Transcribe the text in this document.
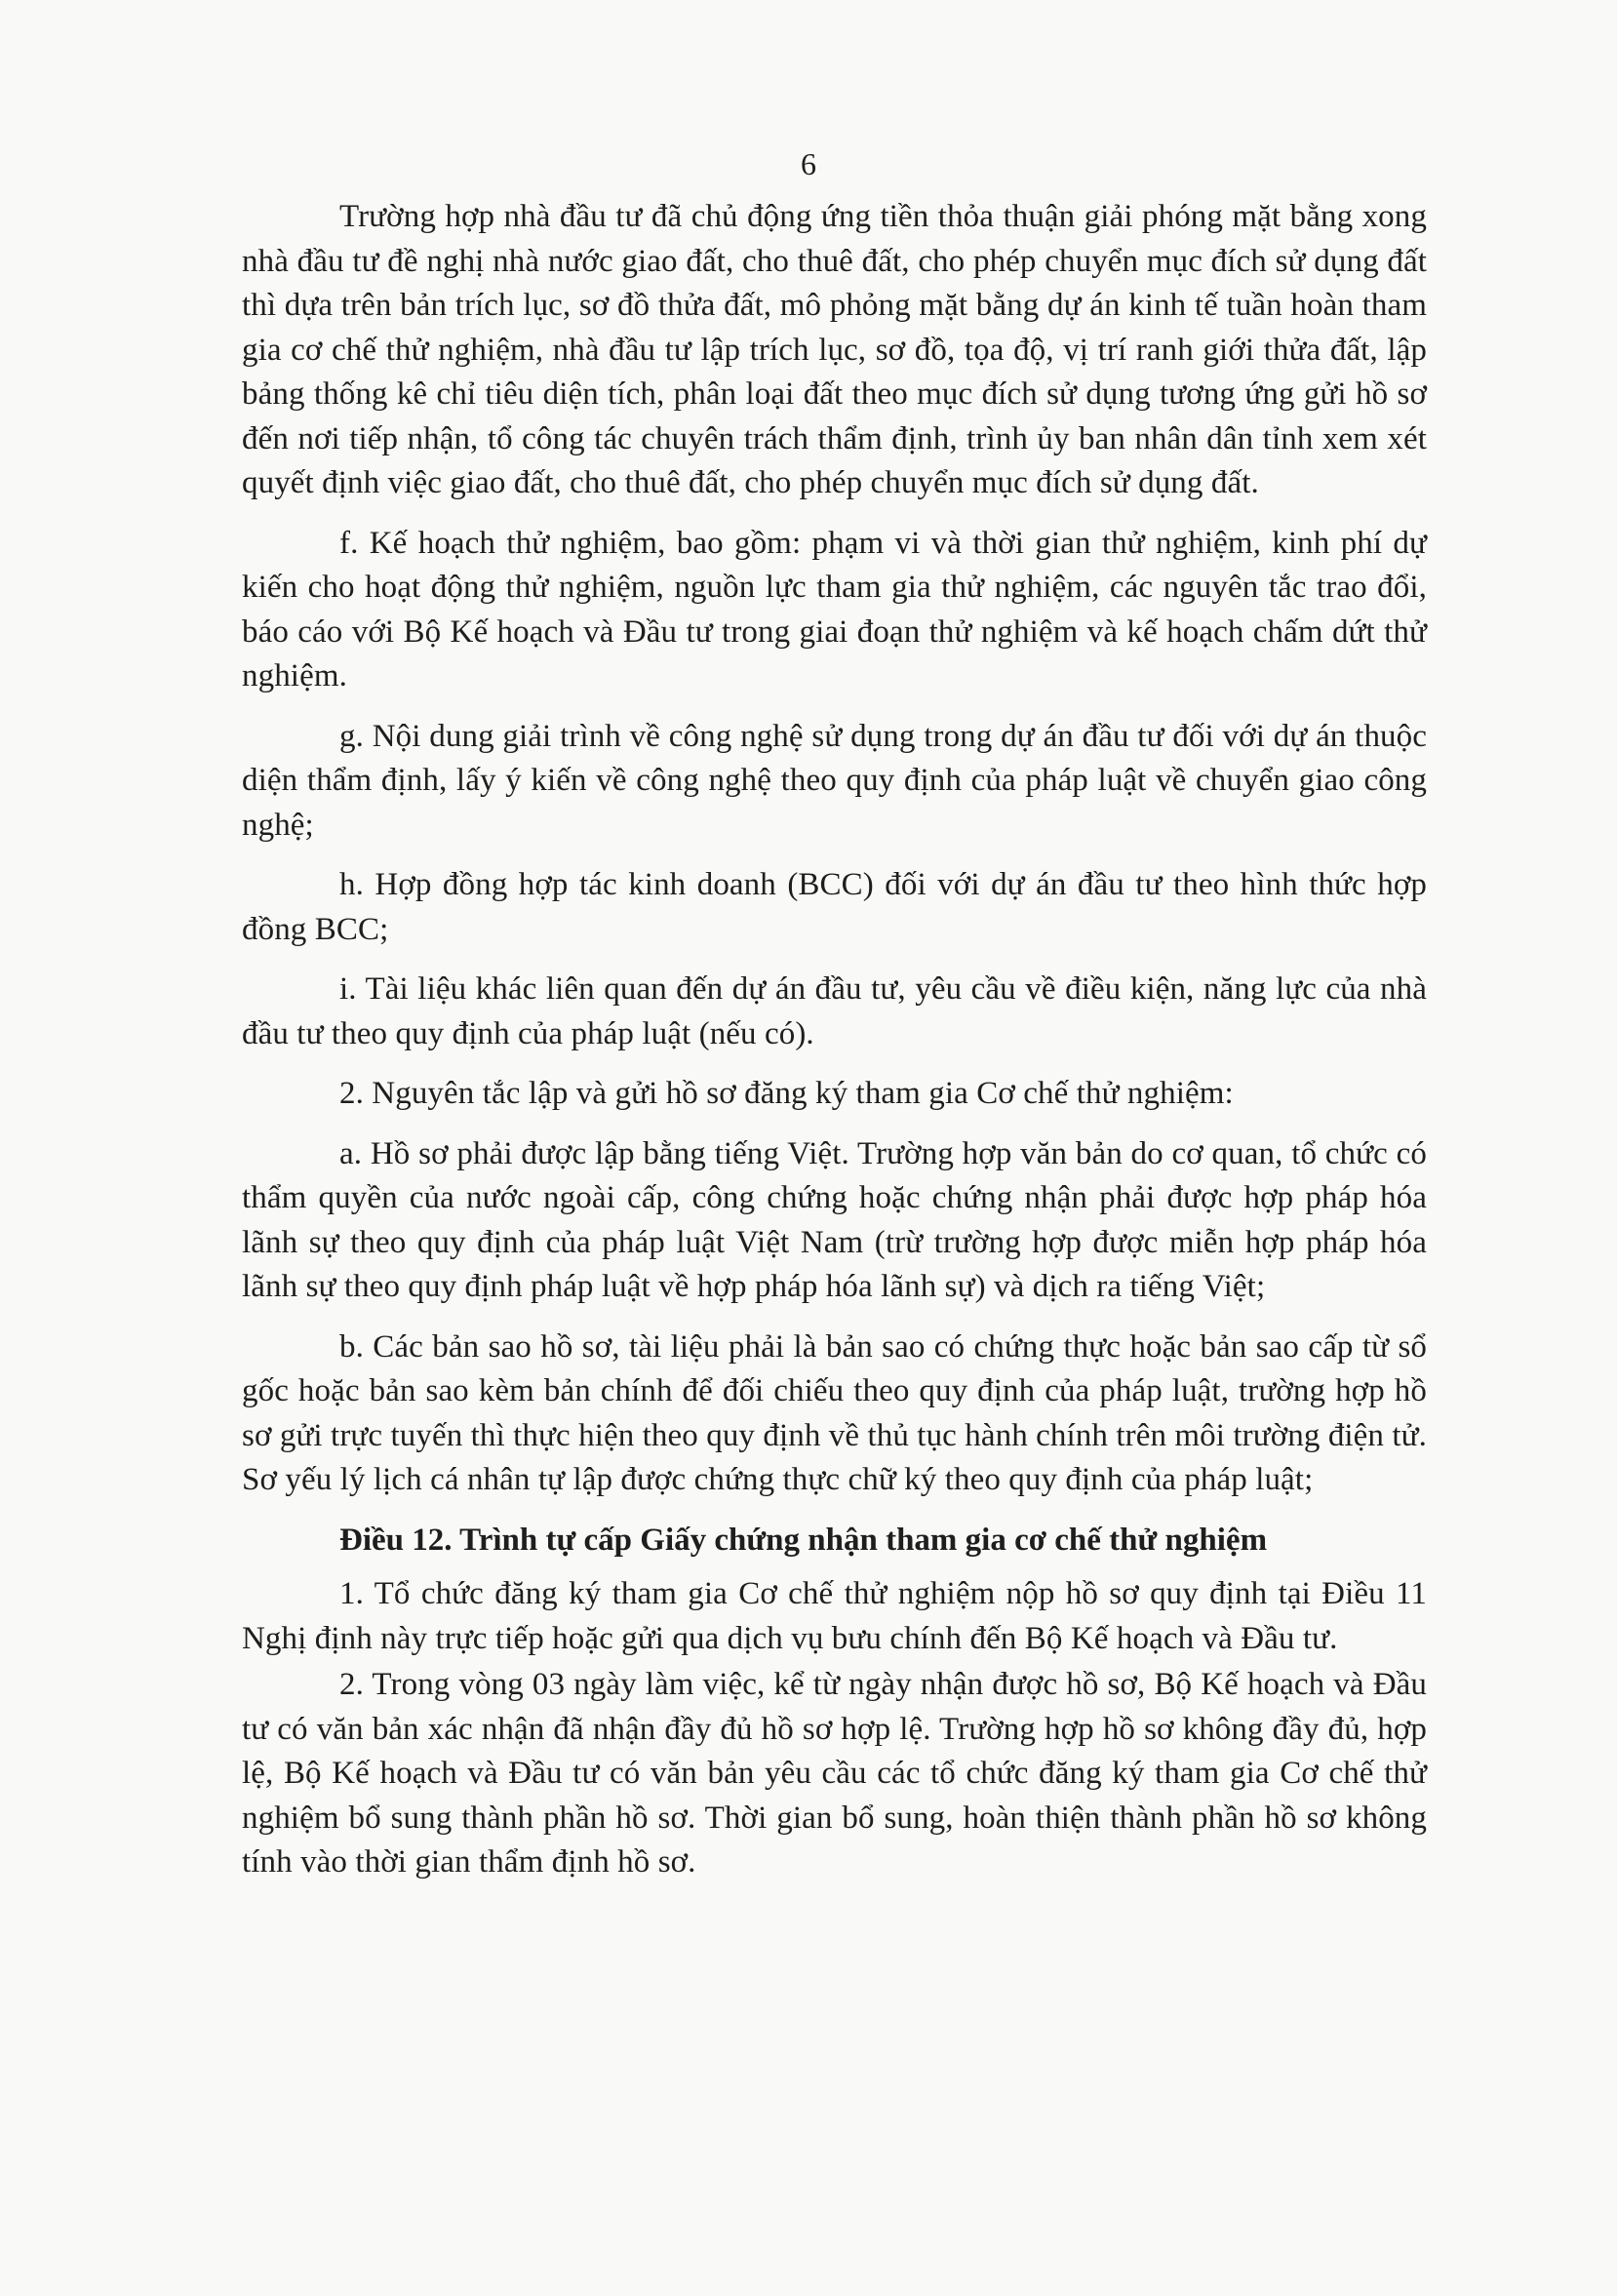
6

Trường hợp nhà đầu tư đã chủ động ứng tiền thỏa thuận giải phóng mặt bằng xong nhà đầu tư đề nghị nhà nước giao đất, cho thuê đất, cho phép chuyển mục đích sử dụng đất thì dựa trên bản trích lục, sơ đồ thửa đất, mô phỏng mặt bằng dự án kinh tế tuần hoàn tham gia cơ chế thử nghiệm, nhà đầu tư lập trích lục, sơ đồ, tọa độ, vị trí ranh giới thửa đất, lập bảng thống kê chỉ tiêu diện tích, phân loại đất theo mục đích sử dụng tương ứng gửi hồ sơ đến nơi tiếp nhận, tổ công tác chuyên trách thẩm định, trình ủy ban nhân dân tỉnh xem xét quyết định việc giao đất, cho thuê đất, cho phép chuyển mục đích sử dụng đất.

f. Kế hoạch thử nghiệm, bao gồm: phạm vi và thời gian thử nghiệm, kinh phí dự kiến cho hoạt động thử nghiệm, nguồn lực tham gia thử nghiệm, các nguyên tắc trao đổi, báo cáo với Bộ Kế hoạch và Đầu tư trong giai đoạn thử nghiệm và kế hoạch chấm dứt thử nghiệm.

g. Nội dung giải trình về công nghệ sử dụng trong dự án đầu tư đối với dự án thuộc diện thẩm định, lấy ý kiến về công nghệ theo quy định của pháp luật về chuyển giao công nghệ;

h. Hợp đồng hợp tác kinh doanh (BCC) đối với dự án đầu tư theo hình thức hợp đồng BCC;

i. Tài liệu khác liên quan đến dự án đầu tư, yêu cầu về điều kiện, năng lực của nhà đầu tư theo quy định của pháp luật (nếu có).

2. Nguyên tắc lập và gửi hồ sơ đăng ký tham gia Cơ chế thử nghiệm:

a. Hồ sơ phải được lập bằng tiếng Việt. Trường hợp văn bản do cơ quan, tổ chức có thẩm quyền của nước ngoài cấp, công chứng hoặc chứng nhận phải được hợp pháp hóa lãnh sự theo quy định của pháp luật Việt Nam (trừ trường hợp được miễn hợp pháp hóa lãnh sự theo quy định pháp luật về hợp pháp hóa lãnh sự) và dịch ra tiếng Việt;

b. Các bản sao hồ sơ, tài liệu phải là bản sao có chứng thực hoặc bản sao cấp từ sổ gốc hoặc bản sao kèm bản chính để đối chiếu theo quy định của pháp luật, trường hợp hồ sơ gửi trực tuyến thì thực hiện theo quy định về thủ tục hành chính trên môi trường điện tử. Sơ yếu lý lịch cá nhân tự lập được chứng thực chữ ký theo quy định của pháp luật;

Điều 12. Trình tự cấp Giấy chứng nhận tham gia cơ chế thử nghiệm

1. Tổ chức đăng ký tham gia Cơ chế thử nghiệm nộp hồ sơ quy định tại Điều 11 Nghị định này trực tiếp hoặc gửi qua dịch vụ bưu chính đến Bộ Kế hoạch và Đầu tư.

2. Trong vòng 03 ngày làm việc, kể từ ngày nhận được hồ sơ, Bộ Kế hoạch và Đầu tư có văn bản xác nhận đã nhận đầy đủ hồ sơ hợp lệ. Trường hợp hồ sơ không đầy đủ, hợp lệ, Bộ Kế hoạch và Đầu tư có văn bản yêu cầu các tổ chức đăng ký tham gia Cơ chế thử nghiệm bổ sung thành phần hồ sơ. Thời gian bổ sung, hoàn thiện thành phần hồ sơ không tính vào thời gian thẩm định hồ sơ.
